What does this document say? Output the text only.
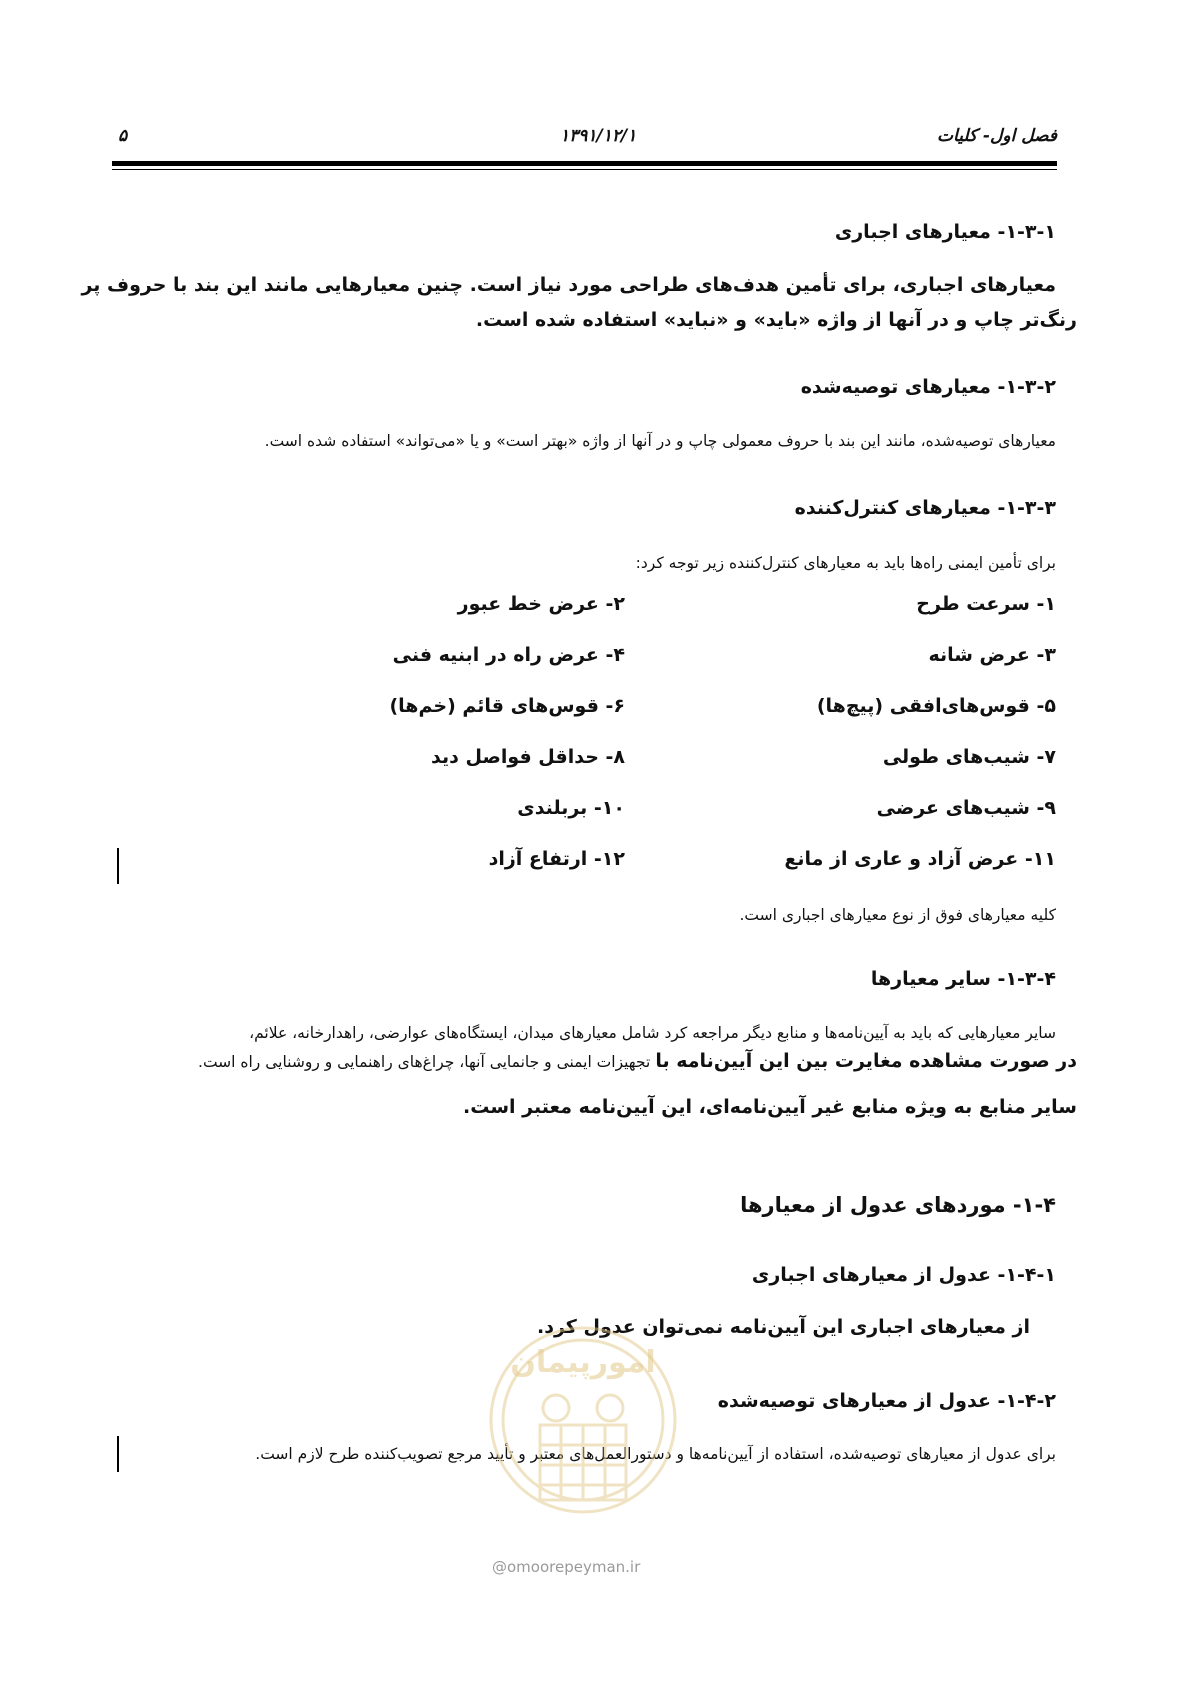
فصل اول- کلیات
۱۳۹۱/۱۲/۱
۵
۱-۳-۱- معیارهای اجباری
معیارهای اجباری، برای تأمین هدف‌های طراحی مورد نیاز است. چنین معیارهایی مانند این بند با حروف پر
رنگ‌تر چاپ و در آنها از واژه «باید» و «نباید» استفاده شده است.
۱-۳-۲- معیارهای توصیه‌شده
معیارهای توصیه‌شده، مانند این بند با حروف معمولی چاپ و در آنها از واژه «بهتر است» و یا «می‌تواند» استفاده شده است.
۱-۳-۳- معیارهای کنترل‌کننده
برای تأمین ایمنی راه‌ها باید به معیارهای کنترل‌کننده زیر توجه کرد:
۱- سرعت طرح
۲- عرض خط عبور
۳- عرض شانه
۴- عرض راه در ابنیه فنی
۵- قوس‌های‌افقی (پیچ‌ها)
۶- قوس‌های قائم (خم‌ها)
۷- شیب‌های طولی
۸- حداقل فواصل دید
۹- شیب‌های عرضی
۱۰- بربلندی
۱۱- عرض آزاد و عاری از مانع
۱۲- ارتفاع آزاد
کلیه معیارهای فوق از نوع معیارهای اجباری است.
۱-۳-۴- سایر معیارها
سایر معیارهایی که باید به آیین‌نامه‌ها و منابع دیگر مراجعه کرد شامل معیارهای میدان، ایستگاه‌های عوارضی، راهدارخانه، علائم،
در صورت مشاهده مغایرت بین این آیین‌نامه با تجهیزات ایمنی و جانمایی آنها، چراغ‌های راهنمایی و روشنایی راه است.
سایر منابع به ویژه منابع غیر آیین‌نامه‌ای، این آیین‌نامه معتبر است.
۱-۴- موردهای عدول از معیارها
۱-۴-۱- عدول از معیارهای اجباری
از معیارهای اجباری این آیین‌نامه نمی‌توان عدول کرد.
۱-۴-۲- عدول از معیارهای توصیه‌شده
برای عدول از معیارهای توصیه‌شده، استفاده از آیین‌نامه‌ها و دستورالعمل‌های معتبر و تأیید مرجع تصویب‌کننده طرح لازم است.
امورپیمان
@omoorepeyman.ir
